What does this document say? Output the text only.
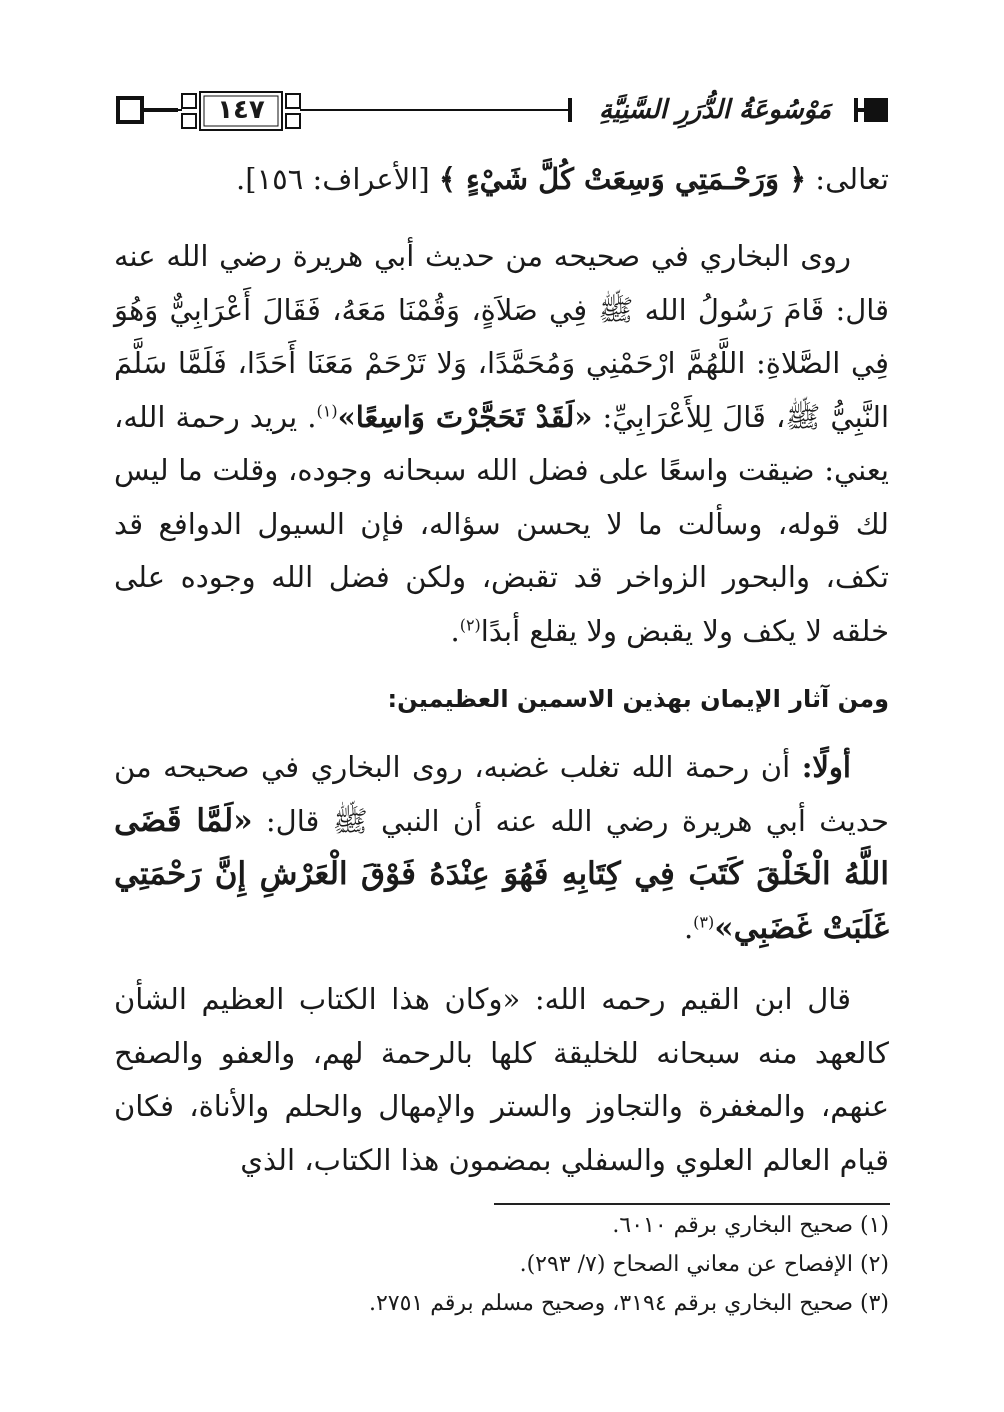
١٤٧	مَوْسُوعَةُ الدُّرَرِ السَّنِيَّةِ
تعالى: ﴿ وَرَحْـمَتِي وَسِعَتْ كُلَّ شَيْءٍ ﴾ [الأعراف: ١٥٦].
روى البخاري في صحيحه من حديث أبي هريرة رضي الله عنه قال: قَامَ رَسُولُ الله ﷺ فِي صَلاَةٍ، وَقُمْنَا مَعَهُ، فَقَالَ أَعْرَابِيٌّ وَهُوَ فِي الصَّلاةِ: اللَّهُمَّ ارْحَمْنِي وَمُحَمَّدًا، وَلا تَرْحَمْ مَعَنَا أَحَدًا، فَلَمَّا سَلَّمَ النَّبِيُّ ﷺ، قَالَ لِلأَعْرَابِيِّ: «لَقَدْ تَحَجَّرْتَ وَاسِعًا»$^{(١)}$. يريد رحمة الله، يعني: ضيقت واسعًا على فضل الله سبحانه وجوده، وقلت ما ليس لك قوله، وسألت ما لا يحسن سؤاله، فإن السيول الدوافع قد تكف، والبحور الزواخر قد تقبض، ولكن فضل الله وجوده على خلقه لا يكف ولا يقبض ولا يقلع أبدًا$^{(٢)}$.
ومن آثار الإيمان بهذين الاسمين العظيمين:
أولًا: أن رحمة الله تغلب غضبه، روى البخاري في صحيحه من حديث أبي هريرة رضي الله عنه أن النبي ﷺ قال: «لَمَّا قَضَى اللَّهُ الْخَلْقَ كَتَبَ فِي كِتَابِهِ فَهُوَ عِنْدَهُ فَوْقَ الْعَرْشِ إِنَّ رَحْمَتِي غَلَبَتْ غَضَبِي»$^{(٣)}$.
قال ابن القيم رحمه الله: «وكان هذا الكتاب العظيم الشأن كالعهد منه سبحانه للخليقة كلها بالرحمة لهم، والعفو والصفح عنهم، والمغفرة والتجاوز والستر والإمهال والحلم والأناة، فكان قيام العالم العلوي والسفلي بمضمون هذا الكتاب، الذي

(١) صحيح البخاري برقم ٦٠١٠.

(٢) الإفصاح عن معاني الصحاح (٧/ ٢٩٣).

(٣) صحيح البخاري برقم ٣١٩٤، وصحيح مسلم برقم ٢٧٥١.
